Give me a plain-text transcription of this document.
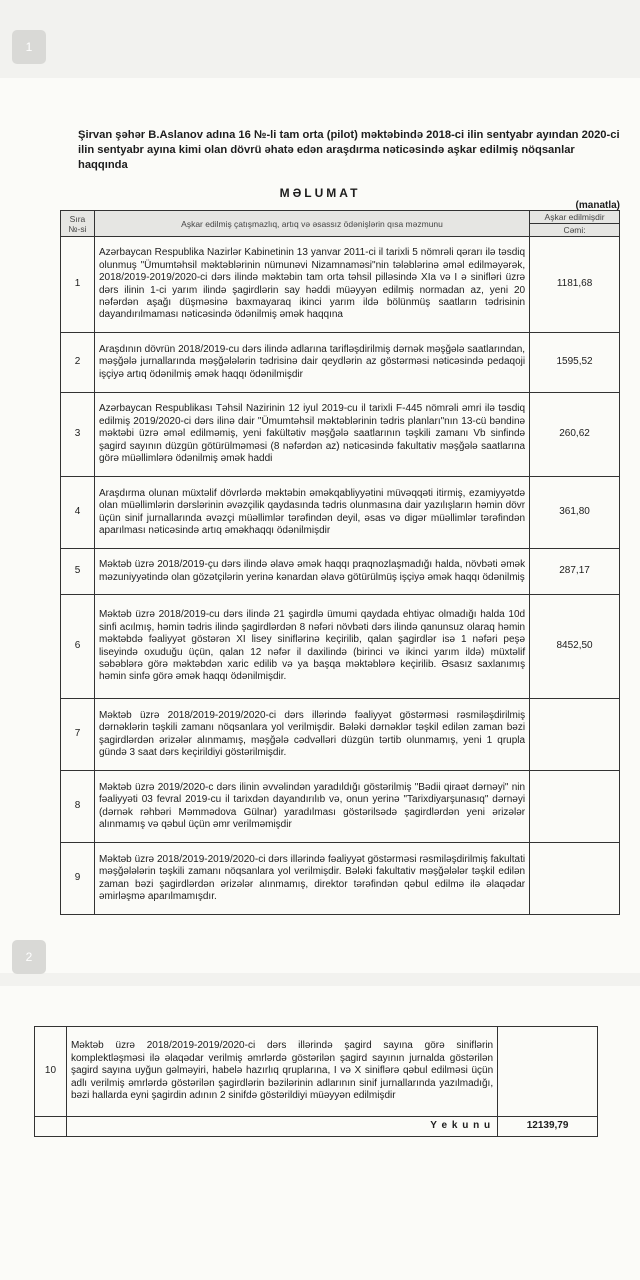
1
2
Şirvan şəhər B.Aslanov adına 16 №-li tam orta (pilot) məktəbində 2018-ci ilin sentyabr ayından 2020-ci ilin sentyabr ayına kimi olan dövrü əhatə edən araşdırma nəticəsində aşkar edilmiş nöqsanlar haqqında
MƏLUMAT
(manatla)
Sıra №-si	Aşkar edilmiş çatışmazlıq, artıq və əsassız ödənişlərin qısa məzmunu	Aşkar edilmişdir
		Cəmi:
1	Azərbaycan Respublika Nazirlər Kabinetinin 13 yanvar 2011-ci il tarixli 5 nömrəli qərarı ilə təsdiq olunmuş "Ümumtəhsil məktəblərinin nümunəvi Nizamnaməsi"nin tələblərinə əməl edilməyərək, 2018/2019-2019/2020-ci dərs ilində məktəbin tam orta təhsil pilləsində XIa və I ə sinifləri üzrə dərs ilinin 1-ci yarım ilində şagirdlərin say həddi müəyyən edilmiş normadan az, yeni 20 nəfərdən aşağı düşməsinə baxmayaraq ikinci yarım ildə bölünmüş saatların tədrisinin dayandırılmaması nəticəsində ödənilmiş əmək haqqına	1181,68
2	Araşdının dövrün 2018/2019-cu dərs ilində adlarına tarifləşdirilmiş dərnək məşğələ saatlarından, məşğələ jurnallarında məşğələlərin tədrisinə dair qeydlərin az göstərməsi nəticəsində pedaqoji işçiyə artıq ödənilmiş əmək haqqı ödənilmişdir	1595,52
3	Azərbaycan Respublikası Təhsil Nazirinin 12 iyul 2019-cu il tarixli F-445 nömrəli əmri ilə təsdiq edilmiş 2019/2020-ci dərs ilinə dair "Ümumtəhsil məktəblərinin tədris planları"nın 13-cü bəndinə məktəbi üzrə əməl edilməmiş, yeni fakültətiv məşğələ saatlarının təşkili zamanı Vb sinfində şagird sayının düzgün götürülməməsi (8 nəfərdən az) nəticəsində fakultativ məşğələ saatlarına görə müəllimlərə ödənilmiş əmək haddi	260,62
4	Araşdırma olunan müxtəlif dövrlərdə məktəbin əməkqabliyyətini müvəqqəti itirmiş, ezamiyyətdə olan müəllimlərin dərslərinin əvəzçilik qaydasında tədris olunmasına dair yazılışların həmin dövr üçün sinif jurnallarında əvəzçi müəllimlər tərəfindən deyil, əsas və digər müəllimlər tərəfindən aparılması nəticəsində artıq əməkhaqqı ödənilmişdir	361,80
5	Məktəb üzrə 2018/2019-çu dərs ilində əlavə əmək haqqı praqnozlaşmadığı halda, növbəti əmək məzuniyyətində olan gözətçilərin yerinə kənardan əlavə götürülmüş işçiyə əmək haqqı ödənilmiş	287,17
6	Məktəb üzrə 2018/2019-cu dərs ilində 21 şagirdlə ümumi qaydada ehtiyac olmadığı halda 10d sinfi acılmış, həmin tədris ilində şagirdlərdən 8 nəfəri növbəti dərs ilində qanunsuz olaraq həmin məktəbdə fəaliyyət göstərən XI lisey siniflərinə keçirilib, qalan şagirdlər isə 1 nəfəri peşə liseyində oxuduğu üçün, qalan 12 nəfər il daxilində (birinci və ikinci yarım ildə) müxtəlif səbəblərə görə məktəbdən xaric edilib və ya başqa məktəblərə keçirilib. Əsasız saxlanımış həmin sinfə görə əmək haqqı ödənilmişdir.	8452,50
7	Məktəb üzrə 2018/2019-2019/2020-ci dərs illərində fəaliyyət göstərməsi rəsmiləşdirilmiş dərnəklərin təşkili zamanı nöqsanlara yol verilmişdir. Bələki dərnəklər təşkil edilən zaman bəzi şagirdlərdən ərizələr alınmamış, məşğələ cədvəlləri düzgün tərtib olunmamış, yeni 1 qrupla gündə 3 saat dərs keçirildiyi göstərilmişdir.	
8	Məktəb üzrə 2019/2020-c dərs ilinin əvvəlindən yaradıldığı göstərilmiş "Bədii qiraət dərnəyi" nin fəaliyyəti 03 fevral 2019-cu il tarixdən dayandırılıb və, onun yerinə "Tarixdiyarşunasıq" dərnəyi (dərnək rəhbəri Məmmədova Gülnar) yaradılması göstərilsədə şagirdlərdən yeni ərizələr alınmamış və qəbul üçün əmr verilməmişdir	
9	Məktəb üzrə 2018/2019-2019/2020-ci dərs illərində fəaliyyət göstərməsi rəsmiləşdirilmiş fakultati məşğələlərin təşkili zamanı nöqsanlara yol verilmişdir. Bələki fakultativ məşğələlər təşkil edilən zaman bəzi şagirdlərdən ərizələr alınmamış, direktor tərəfindən qəbul edilmə ilə əlaqədar əmirləşmə aparılmamışdır.	
10	Məktəb üzrə 2018/2019-2019/2020-ci dərs illərində şagird sayına görə siniflərin komplektləşməsi ilə əlaqədar verilmiş əmrlərdə göstərilən şagird sayının jurnalda göstərilən şagird sayına uyğun gəlməyiri, habelə hazırlıq qruplarına, I və X siniflərə qəbul edilməsi üçün adlı verilmiş əmrlərdə göstərilən şagirdlərin bəzilərinin adlarının sinif jurnallarında yazılmadığı, bəzi hallarda eyni şagirdin adının 2 sinifdə göstərildiyi müəyyən edilmişdir	
	Y e k u n u	12139,79
